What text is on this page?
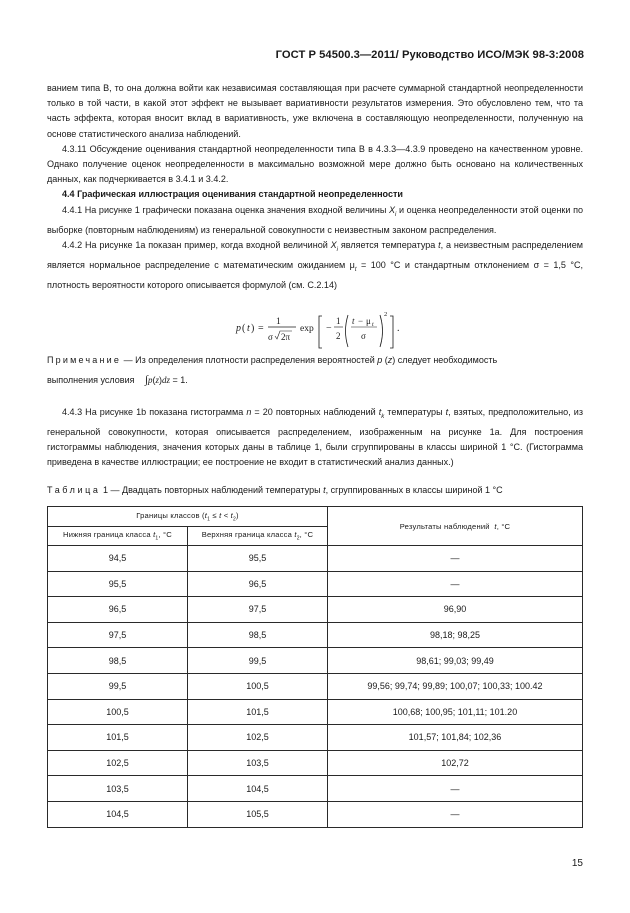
ГОСТ Р 54500.3—2011/ Руководство ИСО/МЭК 98-3:2008

ванием типа В, то она должна войти как независимая составляющая при расчете суммарной стандартной неопределенности только в той части, в какой этот эффект не вызывает вариативности результатов измерения. Это обусловлено тем, что та часть эффекта, которая вносит вклад в вариативность, уже включена в составляющую неопределенности, полученную на основе статистического анализа наблюдений.

4.3.11 Обсуждение оценивания стандартной неопределенности типа В в 4.3.3—4.3.9 проведено на качественном уровне. Однако получение оценок неопределенности в максимально возможной мере должно быть основано на количественных данных, как подчеркивается в 3.4.1 и 3.4.2.

4.4 Графическая иллюстрация оценивания стандартной неопределенности

4.4.1 На рисунке 1 графически показана оценка значения входной величины $X_i$ и оценка неопределенности этой оценки по выборке (повторным наблюдениям) из генеральной совокупности с неизвестным законом распределения.

4.4.2 На рисунке 1а показан пример, когда входной величиной $X_i$ является температура t, а неизвестным распределением является нормальное распределение с математическим ожиданием $\mu_t = 100$ °C и стандартным отклонением σ = 1,5 °C, плотность вероятности которого описывается формулой (см. С.2.14)

p ( t ) =
1
σ 2π
exp −
1
2
t − μ t
σ
2
.
Примечание — Из определения плотности распределения вероятностей p (z) следует необходимость
выполнения условия ∫p(z)dz = 1.

4.4.3 На рисунке 1b показана гистограмма n = 20 повторных наблюдений $t_k$ температуры t, взятых, предположительно, из генеральной совокупности, которая описывается распределением, изображенным на рисунке 1а. Для построения гистограммы наблюдения, значения которых даны в таблице 1, были сгруппированы в классы шириной 1 °С. (Гистограмма приведена в качестве иллюстрации; ее построение не входит в статистический анализ данных.)

Таблица 1 — Двадцать повторных наблюдений температуры t, сгруппированных в классы шириной 1 °С
Границы классов $(t_1 \le t < t_2)$		Результаты наблюдений t, °С
Нижняя граница класса $t_1$, °С	Верхняя граница класса $t_2$, °С	
94,5	95,5	—
95,5	96,5	—
96,5	97,5	96,90
97,5	98,5	98,18; 98,25
98,5	99,5	98,61; 99,03; 99,49
99,5	100,5	99,56; 99,74; 99,89; 100,07; 100,33; 100.42
100,5	101,5	100,68; 100,95; 101,11; 101.20
101,5	102,5	101,57; 101,84; 102,36
102,5	103,5	102,72
103,5	104,5	—
104,5	105,5	—
15
